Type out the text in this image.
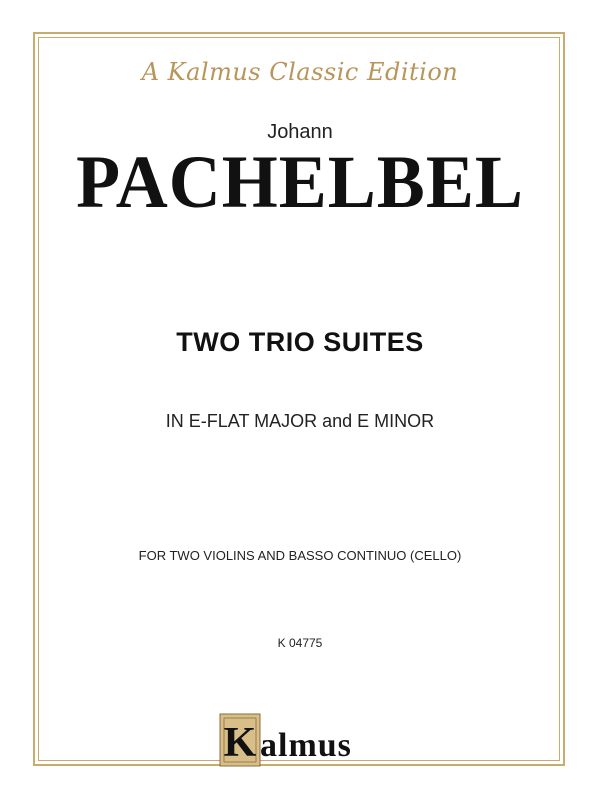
A Kalmus Classic Edition
Johann
PACHELBEL
TWO TRIO SUITES
IN E-FLAT MAJOR and E MINOR
FOR TWO VIOLINS AND BASSO CONTINUO (CELLO)
K 04775
K almus
